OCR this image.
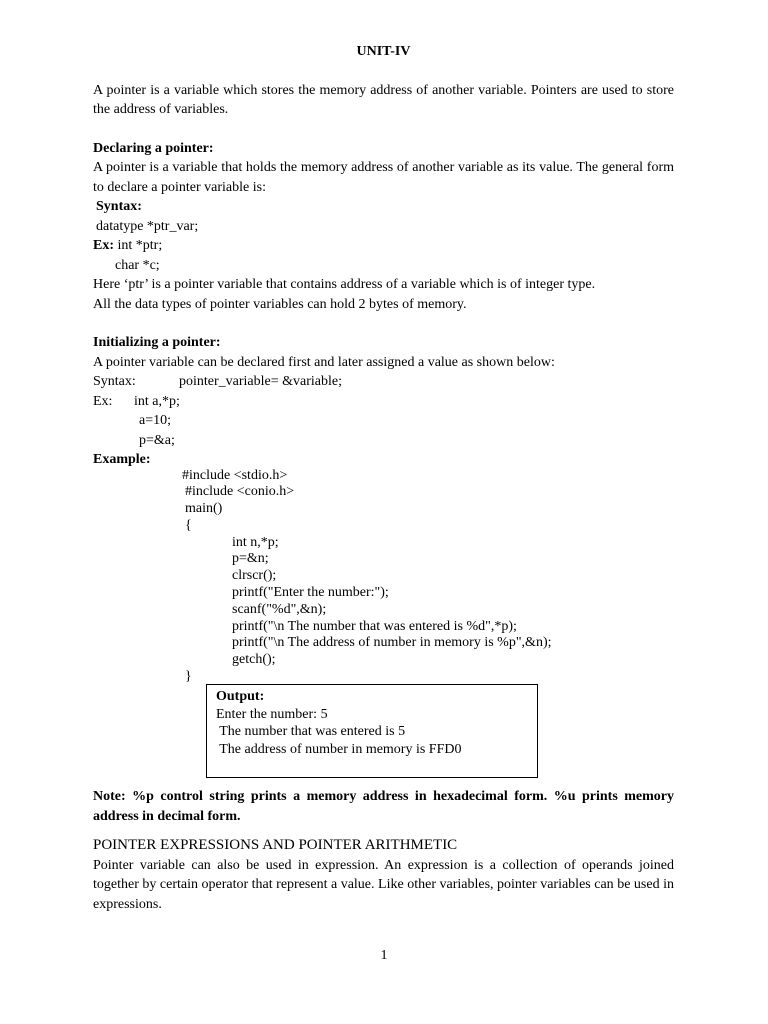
UNIT-IV

A pointer is a variable which stores the memory address of another variable. Pointers are used to store the address of variables.

Declaring a pointer:

A pointer is a variable that holds the memory address of another variable as its value. The general form to declare a pointer variable is:

Syntax:

datatype *ptr_var;

Ex: int *ptr;

char *c;

Here ‘ptr’ is a pointer variable that contains address of a variable which is of integer type.

All the data types of pointer variables can hold 2 bytes of memory.

Initializing a pointer:

A pointer variable can be declared first and later assigned a value as shown below:

Syntax:	pointer_variable= &variable;

Ex: int a,*p;

a=10;

p=&a;

Example:

#include <stdio.h>

#include <conio.h>

main()

{

int n,*p;

p=&n;

clrscr();

printf("Enter the number:");

scanf("%d",&n);

printf("\n The number that was entered is %d",*p);

printf("\n The address of number in memory is %p",&n);

getch();

}

Output:

Enter the number: 5

The number that was entered is 5

The address of number in memory is FFD0

Note: %p control string prints a memory address in hexadecimal form. %u prints memory address in decimal form.

POINTER EXPRESSIONS AND POINTER ARITHMETIC

Pointer variable can also be used in expression. An expression is a collection of operands joined together by certain operator that represent a value. Like other variables, pointer variables can be used in expressions.

1
